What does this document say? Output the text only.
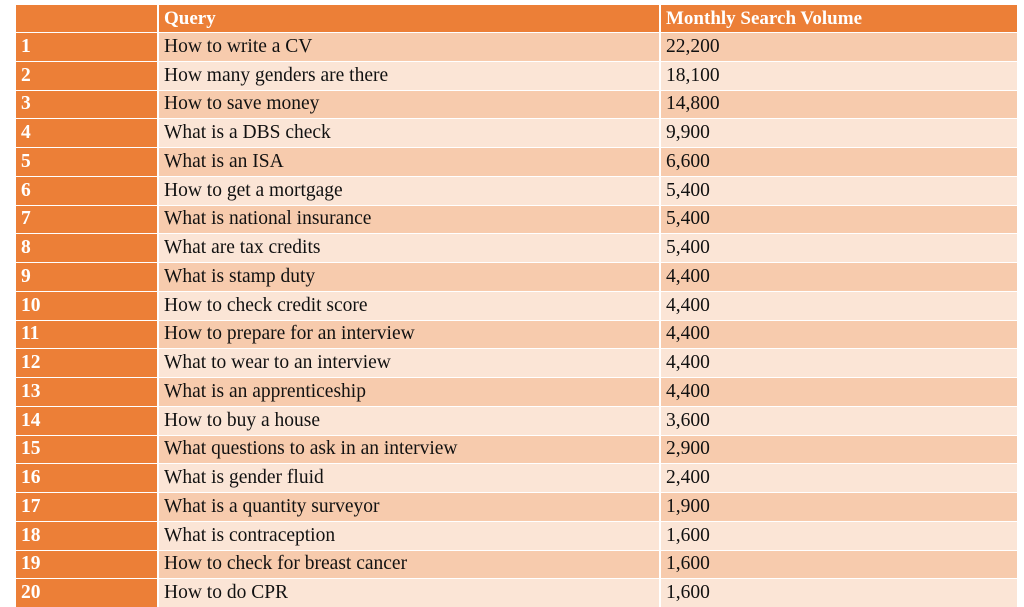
	Query	Monthly Search Volume
1	How to write a CV	22,200
2	How many genders are there	18,100
3	How to save money	14,800
4	What is a DBS check	9,900
5	What is an ISA	6,600
6	How to get a mortgage	5,400
7	What is national insurance	5,400
8	What are tax credits	5,400
9	What is stamp duty	4,400
10	How to check credit score	4,400
11	How to prepare for an interview	4,400
12	What to wear to an interview	4,400
13	What is an apprenticeship	4,400
14	How to buy a house	3,600
15	What questions to ask in an interview	2,900
16	What is gender fluid	2,400
17	What is a quantity surveyor	1,900
18	What is contraception	1,600
19	How to check for breast cancer	1,600
20	How to do CPR	1,600
